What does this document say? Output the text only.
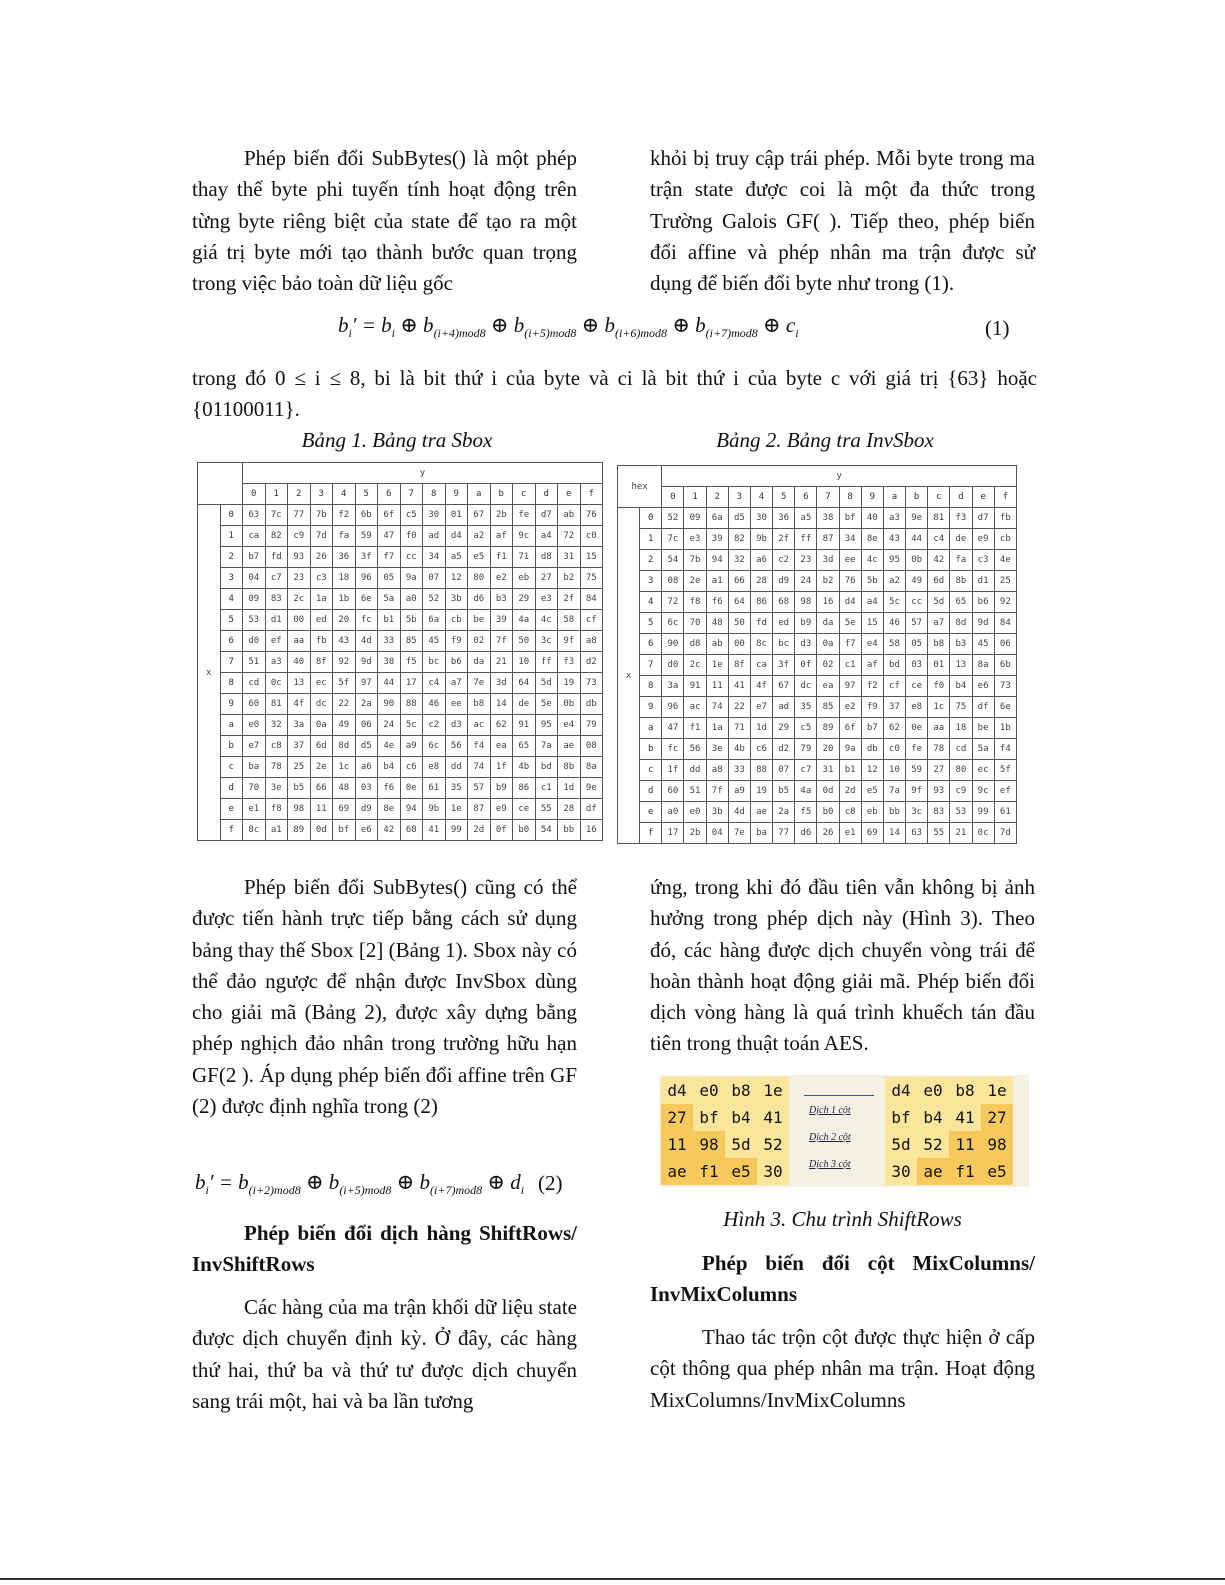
Phép biến đổi SubBytes() là một phép thay thế byte phi tuyến tính hoạt động trên từng byte riêng biệt của state để tạo ra một giá trị byte mới tạo thành bước quan trọng trong việc bảo toàn dữ liệu gốc

khỏi bị truy cập trái phép. Mỗi byte trong ma trận state được coi là một đa thức trong Trường Galois GF( ). Tiếp theo, phép biến đổi affine và phép nhân ma trận được sử dụng để biến đổi byte như trong (1).

$b_i' = b_i$ ⊕ $b_{(i+4)mod8}$ ⊕ $b_{(i+5)mod8}$ ⊕ $b_{(i+6)mod8}$ ⊕ $b_{(i+7)mod8}$ ⊕ $c_i$	(1)
trong đó 0 ≤ i ≤ 8, bi là bit thứ i của byte và ci là bit thứ i của byte c với giá trị {63} hoặc {01100011}.
Bảng 1. Bảng tra Sbox	Bảng 2. Bảng tra InvSbox
		y															
		0	1	2	3	4	5	6	7	8	9	a	b	c	d	e	f
x	0	63	7c	77	7b	f2	6b	6f	c5	30	01	67	2b	fe	d7	ab	76
	1	ca	82	c9	7d	fa	59	47	f0	ad	d4	a2	af	9c	a4	72	c0
	2	b7	fd	93	26	36	3f	f7	cc	34	a5	e5	f1	71	d8	31	15
	3	04	c7	23	c3	18	96	05	9a	07	12	80	e2	eb	27	b2	75
	4	09	83	2c	1a	1b	6e	5a	a0	52	3b	d6	b3	29	e3	2f	84
	5	53	d1	00	ed	20	fc	b1	5b	6a	cb	be	39	4a	4c	58	cf
	6	d0	ef	aa	fb	43	4d	33	85	45	f9	02	7f	50	3c	9f	a8
	7	51	a3	40	8f	92	9d	38	f5	bc	b6	da	21	10	ff	f3	d2
	8	cd	0c	13	ec	5f	97	44	17	c4	a7	7e	3d	64	5d	19	73
	9	60	81	4f	dc	22	2a	90	88	46	ee	b8	14	de	5e	0b	db
	a	e0	32	3a	0a	49	06	24	5c	c2	d3	ac	62	91	95	e4	79
	b	e7	c8	37	6d	8d	d5	4e	a9	6c	56	f4	ea	65	7a	ae	08
	c	ba	78	25	2e	1c	a6	b4	c6	e8	dd	74	1f	4b	bd	8b	8a
	d	70	3e	b5	66	48	03	f6	0e	61	35	57	b9	86	c1	1d	9e
	e	e1	f8	98	11	69	d9	8e	94	9b	1e	87	e9	ce	55	28	df
	f	8c	a1	89	0d	bf	e6	42	68	41	99	2d	0f	b0	54	bb	16
hex		y															
		0	1	2	3	4	5	6	7	8	9	a	b	c	d	e	f
x	0	52	09	6a	d5	30	36	a5	38	bf	40	a3	9e	81	f3	d7	fb
	1	7c	e3	39	82	9b	2f	ff	87	34	8e	43	44	c4	de	e9	cb
	2	54	7b	94	32	a6	c2	23	3d	ee	4c	95	0b	42	fa	c3	4e
	3	08	2e	a1	66	28	d9	24	b2	76	5b	a2	49	6d	8b	d1	25
	4	72	f8	f6	64	86	68	98	16	d4	a4	5c	cc	5d	65	b6	92
	5	6c	70	48	50	fd	ed	b9	da	5e	15	46	57	a7	8d	9d	84
	6	90	d8	ab	00	8c	bc	d3	0a	f7	e4	58	05	b8	b3	45	06
	7	d0	2c	1e	8f	ca	3f	0f	02	c1	af	bd	03	01	13	8a	6b
	8	3a	91	11	41	4f	67	dc	ea	97	f2	cf	ce	f0	b4	e6	73
	9	96	ac	74	22	e7	ad	35	85	e2	f9	37	e8	1c	75	df	6e
	a	47	f1	1a	71	1d	29	c5	89	6f	b7	62	0e	aa	18	be	1b
	b	fc	56	3e	4b	c6	d2	79	20	9a	db	c0	fe	78	cd	5a	f4
	c	1f	dd	a8	33	88	07	c7	31	b1	12	10	59	27	80	ec	5f
	d	60	51	7f	a9	19	b5	4a	0d	2d	e5	7a	9f	93	c9	9c	ef
	e	a0	e0	3b	4d	ae	2a	f5	b0	c8	eb	bb	3c	83	53	99	61
	f	17	2b	04	7e	ba	77	d6	26	e1	69	14	63	55	21	0c	7d

Phép biến đổi SubBytes() cũng có thể được tiến hành trực tiếp bằng cách sử dụng bảng thay thế Sbox [2] (Bảng 1). Sbox này có thể đảo ngược để nhận được InvSbox dùng cho giải mã (Bảng 2), được xây dựng bằng phép nghịch đảo nhân trong trường hữu hạn GF(2 ). Áp dụng phép biến đổi affine trên GF (2) được định nghĩa trong (2)

$b_i' = b_{(i+2)mod8}$ ⊕ $b_{(i+5)mod8}$ ⊕ $b_{(i+7)mod8}$ ⊕ $d_i$ (2)
Phép biến đổi dịch hàng ShiftRows/ InvShiftRows

Các hàng của ma trận khối dữ liệu state được dịch chuyển định kỳ. Ở đây, các hàng thứ hai, thứ ba và thứ tư được dịch chuyển sang trái một, hai và ba lần tương

ứng, trong khi đó đầu tiên vẫn không bị ảnh hưởng trong phép dịch này (Hình 3). Theo đó, các hàng được dịch chuyển vòng trái để hoàn thành hoạt động giải mã. Phép biến đổi dịch vòng hàng là quá trình khuếch tán đầu tiên trong thuật toán AES.

d4 e0 b8 1e
27 bf b4 41
11 98 5d 52
ae f1 e5 30
Dịch 1 cột
Dịch 2 cột
Dịch 3 cột
d4 e0 b8 1e
bf b4 41 27
5d 52 11 98
30 ae f1 e5
Hình 3. Chu trình ShiftRows
Phép biến đổi cột MixColumns/ InvMixColumns

Thao tác trộn cột được thực hiện ở cấp cột thông qua phép nhân ma trận. Hoạt động MixColumns/InvMixColumns
